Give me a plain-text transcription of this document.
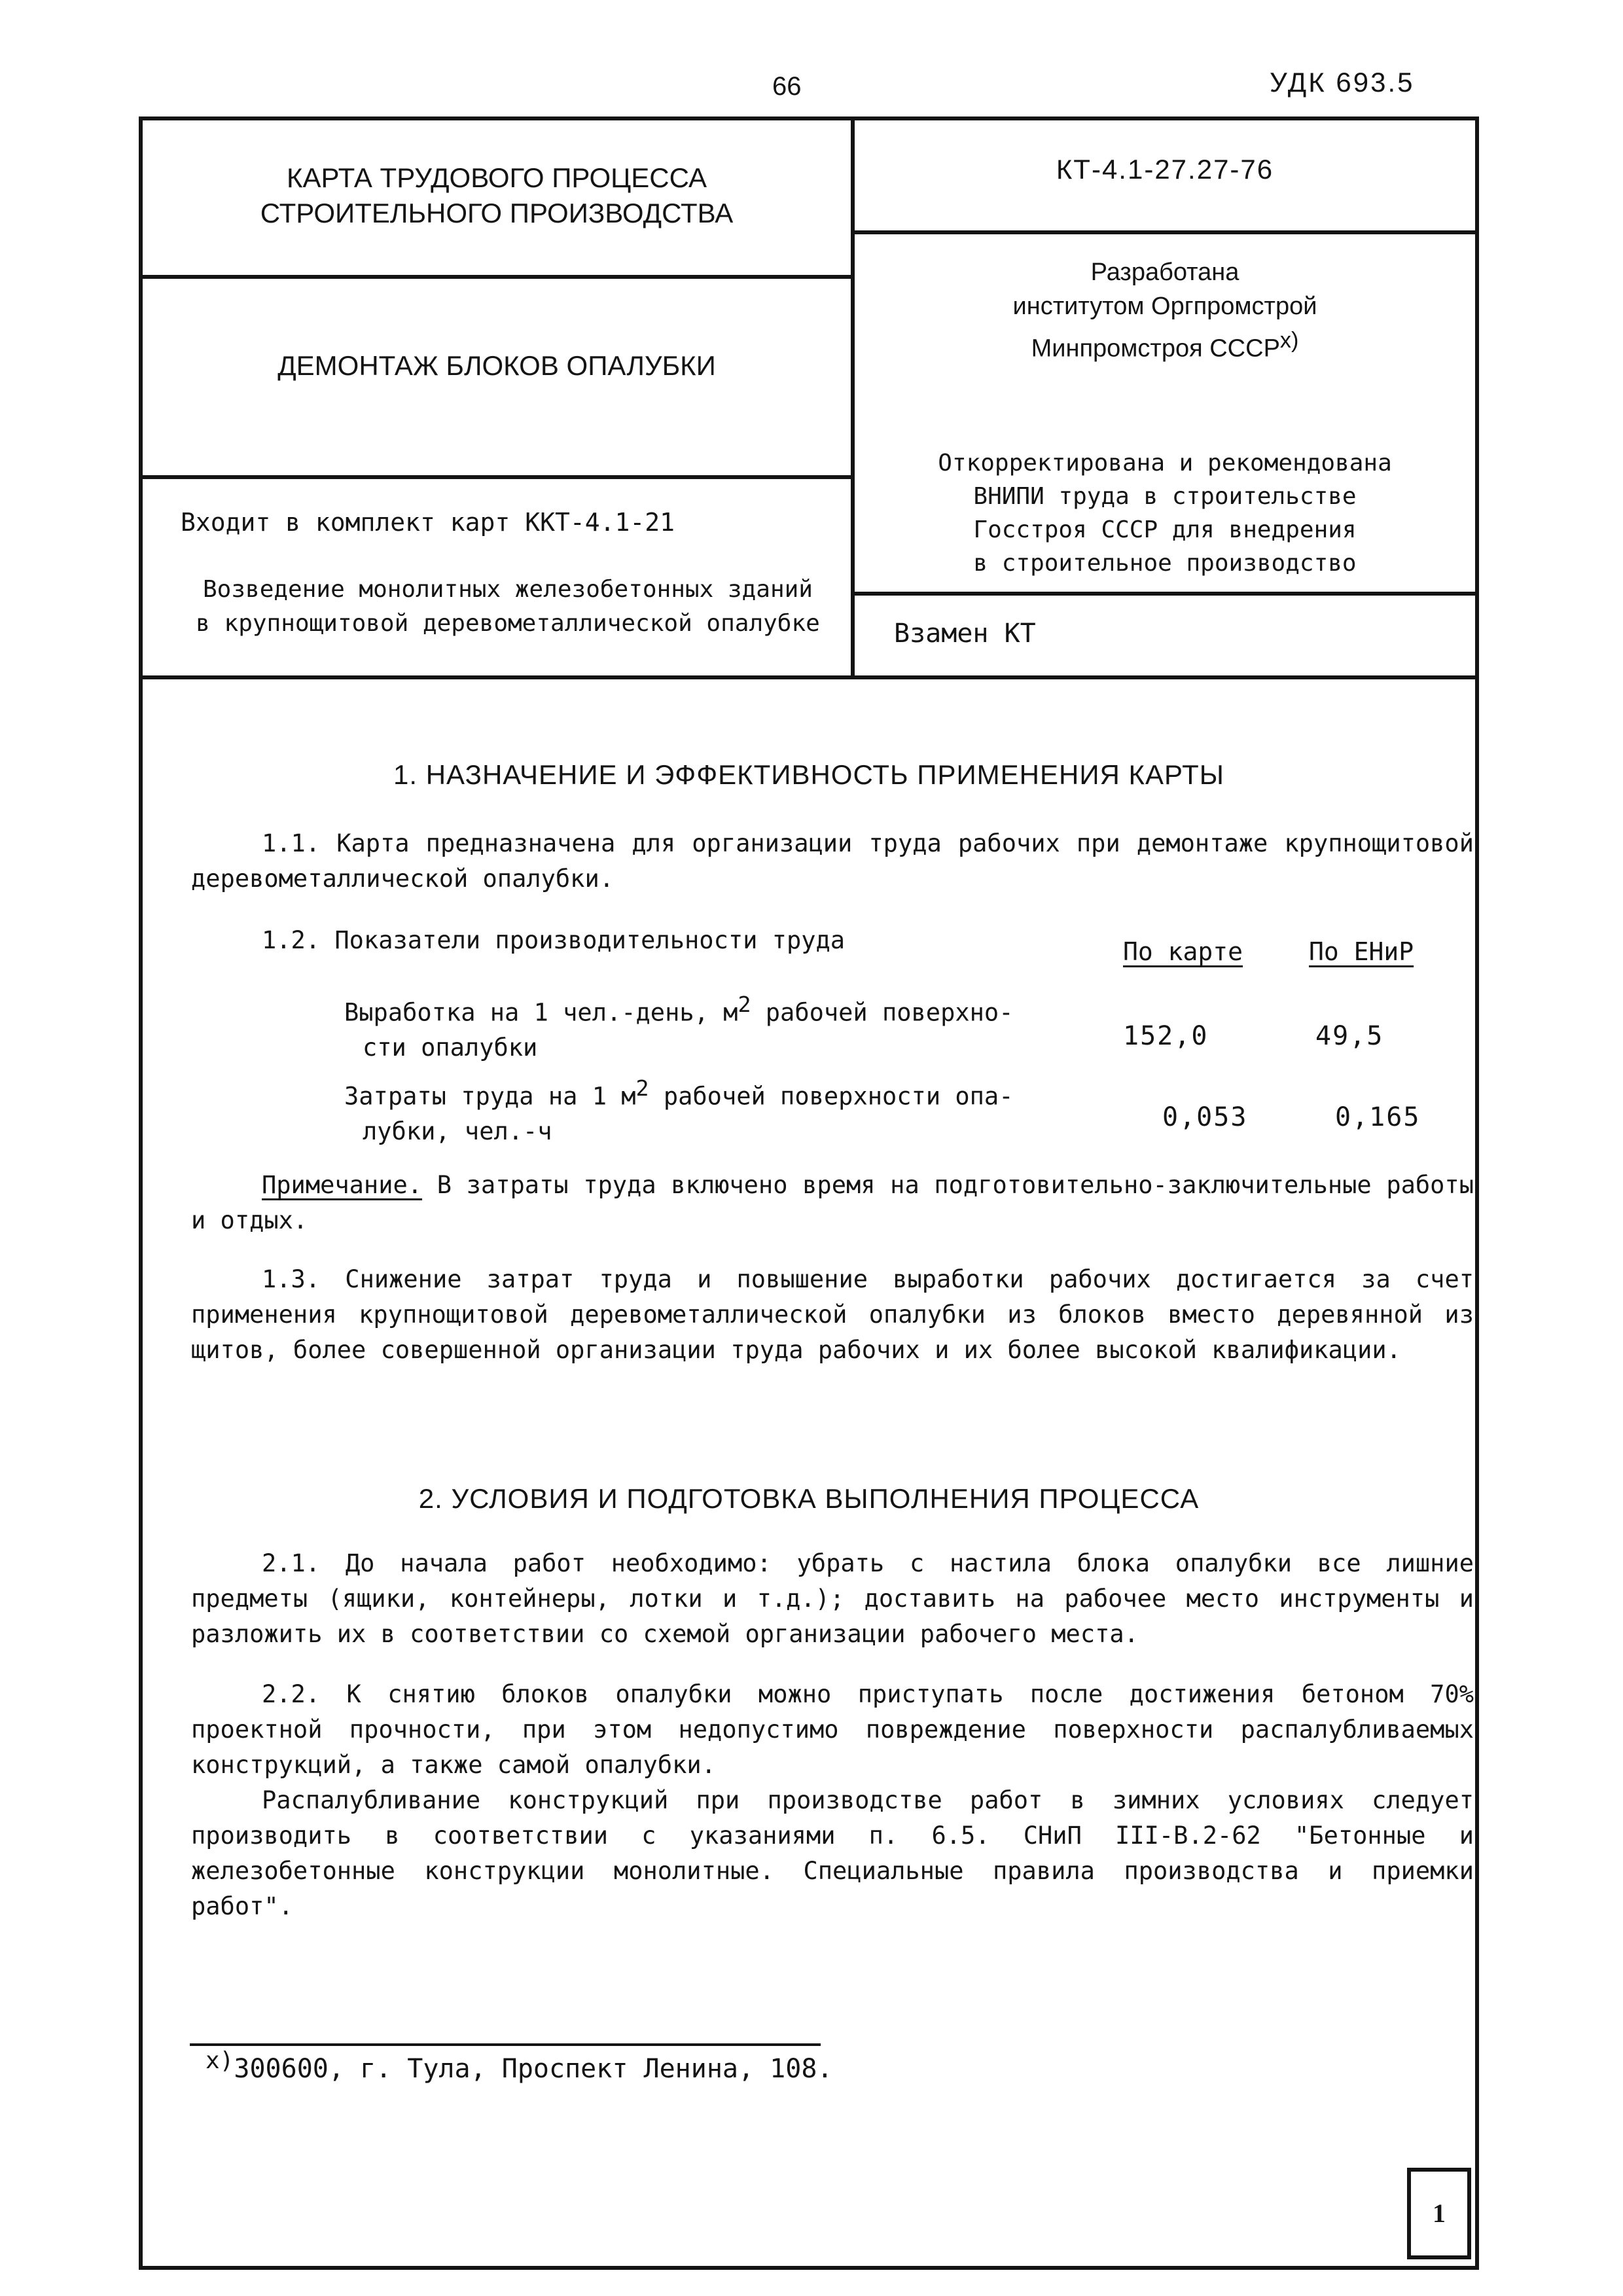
66	УДК 693.5
КАРТА ТРУДОВОГО ПРОЦЕССА
СТРОИТЕЛЬНОГО ПРОИЗВОДСТВА
КТ-4.1-27.27-76
ДЕМОНТАЖ БЛОКОВ ОПАЛУБКИ
Разработана
институтом Оргпромстрой
Минпромстроя СССР$^{x)}$
Откорректирована и рекомендована
ВНИПИ труда в строительстве
Госстроя СССР для внедрения
в строительное производство
Входит в комплект карт ККТ-4.1-21
Возведение монолитных железобетонных зданий
в крупнощитовой деревометаллической опалубке	Взамен КТ
1. НАЗНАЧЕНИЕ И ЭФФЕКТИВНОСТЬ ПРИМЕНЕНИЯ КАРТЫ
1.1. Карта предназначена для организации труда рабочих при демонтаже крупнощитовой деревометаллической опалубки.
1.2. Показатели производительности труда	По карте	По ЕНиР
Выработка на 1 чел.-день, $м^2$ рабочей поверхно-
сти опалубки	152,0	49,5
Затраты труда на 1 $м^2$ рабочей поверхности опа-
лубки, чел.-ч	0,053	0,165
Примечание. В затраты труда включено время на подготовительно-заключительные работы и отдых.
1.3. Снижение затрат труда и повышение выработки рабочих достигается за счет применения крупнощитовой деревометаллической опалубки из блоков вместо деревянной из щитов, более совершенной организации труда рабочих и их более высокой квалификации.
2. УСЛОВИЯ И ПОДГОТОВКА ВЫПОЛНЕНИЯ ПРОЦЕССА
2.1. До начала работ необходимо: убрать с настила блока опалубки все лишние предметы (ящики, контейнеры, лотки и т.д.); доставить на рабочее место инструменты и разложить их в соответствии со схемой организации рабочего места.
2.2. К снятию блоков опалубки можно приступать после достижения бетоном 70% проектной прочности, при этом недопустимо повреждение поверхности распалубливаемых конструкций, а также самой опалубки.
Распалубливание конструкций при производстве работ в зимних условиях следует производить в соответствии с указаниями п. 6.5. СНиП III-В.2-62 "Бетонные и железобетонные конструкции монолитные. Специальные правила производства и приемки работ".
$^{x)}$300600, г. Тула, Проспект Ленина, 108.
1
